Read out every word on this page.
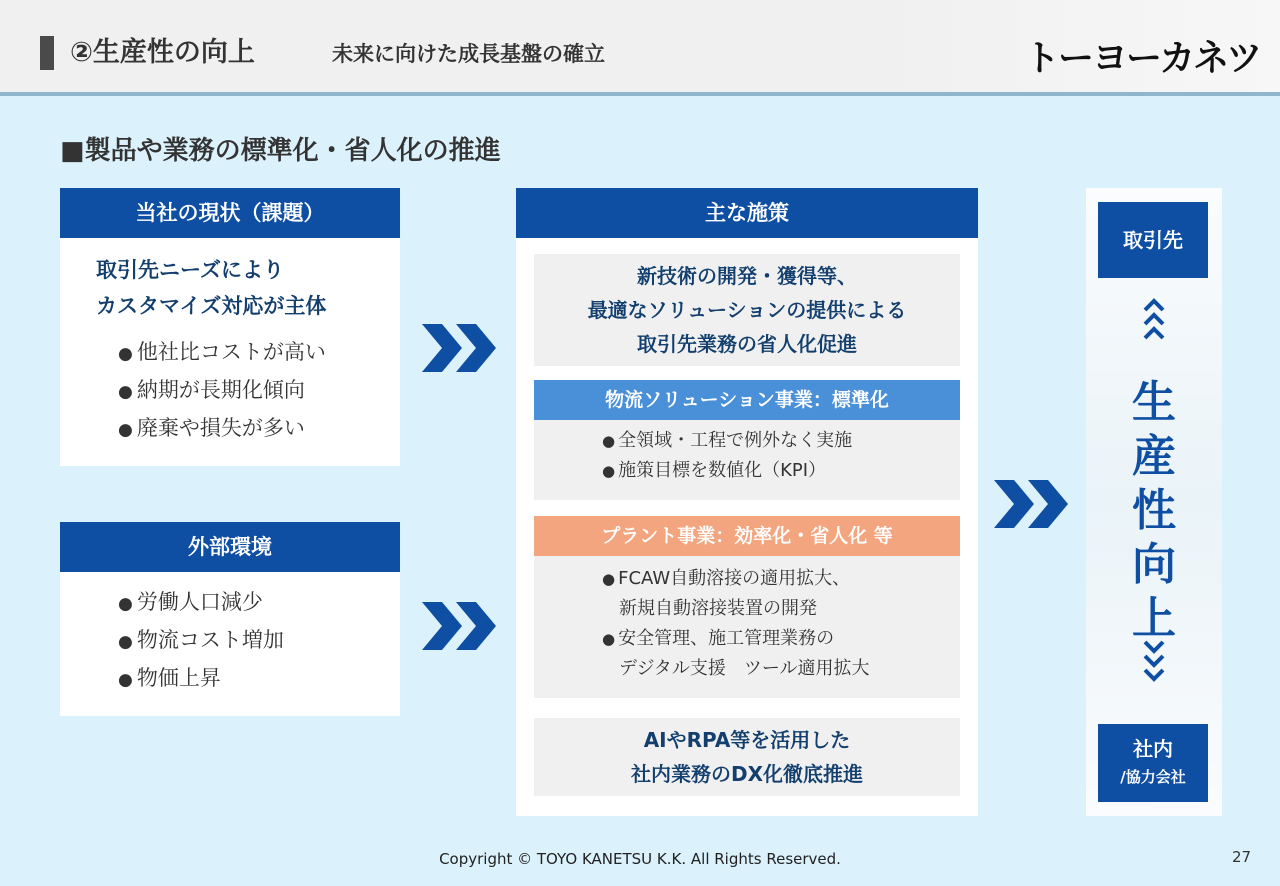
②生産性の向上	未来に向けた成長基盤の確立	トーヨーカネツ
■製品や業務の標準化・省人化の推進
当社の現状（課題）
取引先ニーズにより
カスタマイズ対応が主体
● 他社比コストが高い
● 納期が長期化傾向
● 廃棄や損失が多い
外部環境
● 労働人口減少
● 物流コスト増加
● 物価上昇
主な施策
新技術の開発・獲得等、
最適なソリューションの提供による
取引先業務の省人化促進
物流ソリューション事業：標準化
● 全領域・工程で例外なく実施
● 施策目標を数値化（KPI）
プラント事業：効率化・省人化 等
● FCAW自動溶接の適用拡大、
新規自動溶接装置の開発
● 安全管理、施工管理業務の
デジタル支援　ツール適用拡大
AIやRPA等を活用した
社内業務のDX化徹底推進
取引先
生
産
性
向
上
社内
/協力会社
Copyright © TOYO KANETSU K.K. All Rights Reserved.	27
